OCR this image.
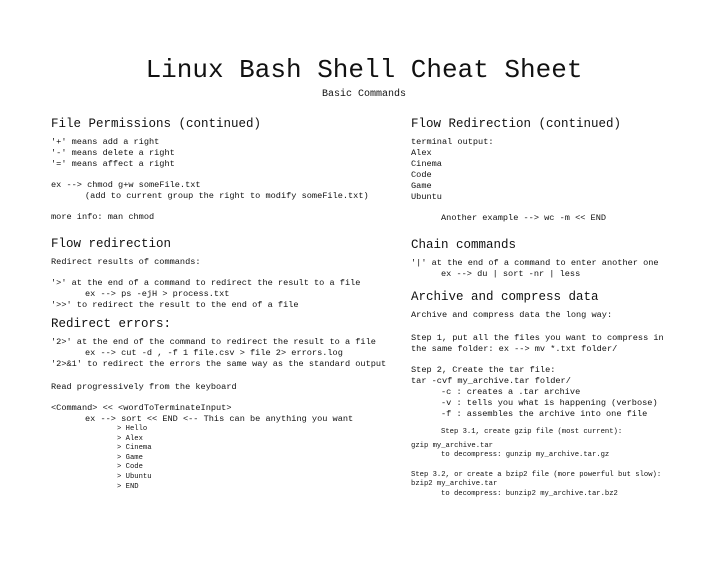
Linux Bash Shell Cheat Sheet
Basic Commands
File Permissions (continued)
'+' means add a right
'-' means delete a right
'=' means affect a right
ex --> chmod g+w someFile.txt
(add to current group the right to modify someFile.txt)
more info: man chmod
Flow redirection
Redirect results of commands:
'>' at the end of a command to redirect the result to a file
ex --> ps -ejH > process.txt
'>>' to redirect the result to the end of a file
Redirect errors:
'2>' at the end of the command to redirect the result to a file
ex --> cut -d , -f 1 file.csv > file 2> errors.log
'2>&1' to redirect the errors the same way as the standard output
Read progressively from the keyboard
<Command> << <wordToTerminateInput>
ex --> sort << END <-- This can be anything you want
> Hello
> Alex
> Cinema
> Game
> Code
> Ubuntu
> END
Flow Redirection (continued)
terminal output:
Alex
Cinema
Code
Game
Ubuntu
Another example --> wc -m << END
Chain commands
'|' at the end of a command to enter another one
ex --> du | sort -nr | less
Archive and compress data
Archive and compress data the long way:
Step 1, put all the files you want to compress in
the same folder: ex --> mv *.txt folder/
Step 2, Create the tar file:
tar -cvf my_archive.tar folder/
-c : creates a .tar archive
-v : tells you what is happening (verbose)
-f : assembles the archive into one file
Step 3.1, create gzip file (most current):
gzip my_archive.tar
to decompress: gunzip my_archive.tar.gz
Step 3.2, or create a bzip2 file (more powerful but slow):
bzip2 my_archive.tar
to decompress: bunzip2 my_archive.tar.bz2
